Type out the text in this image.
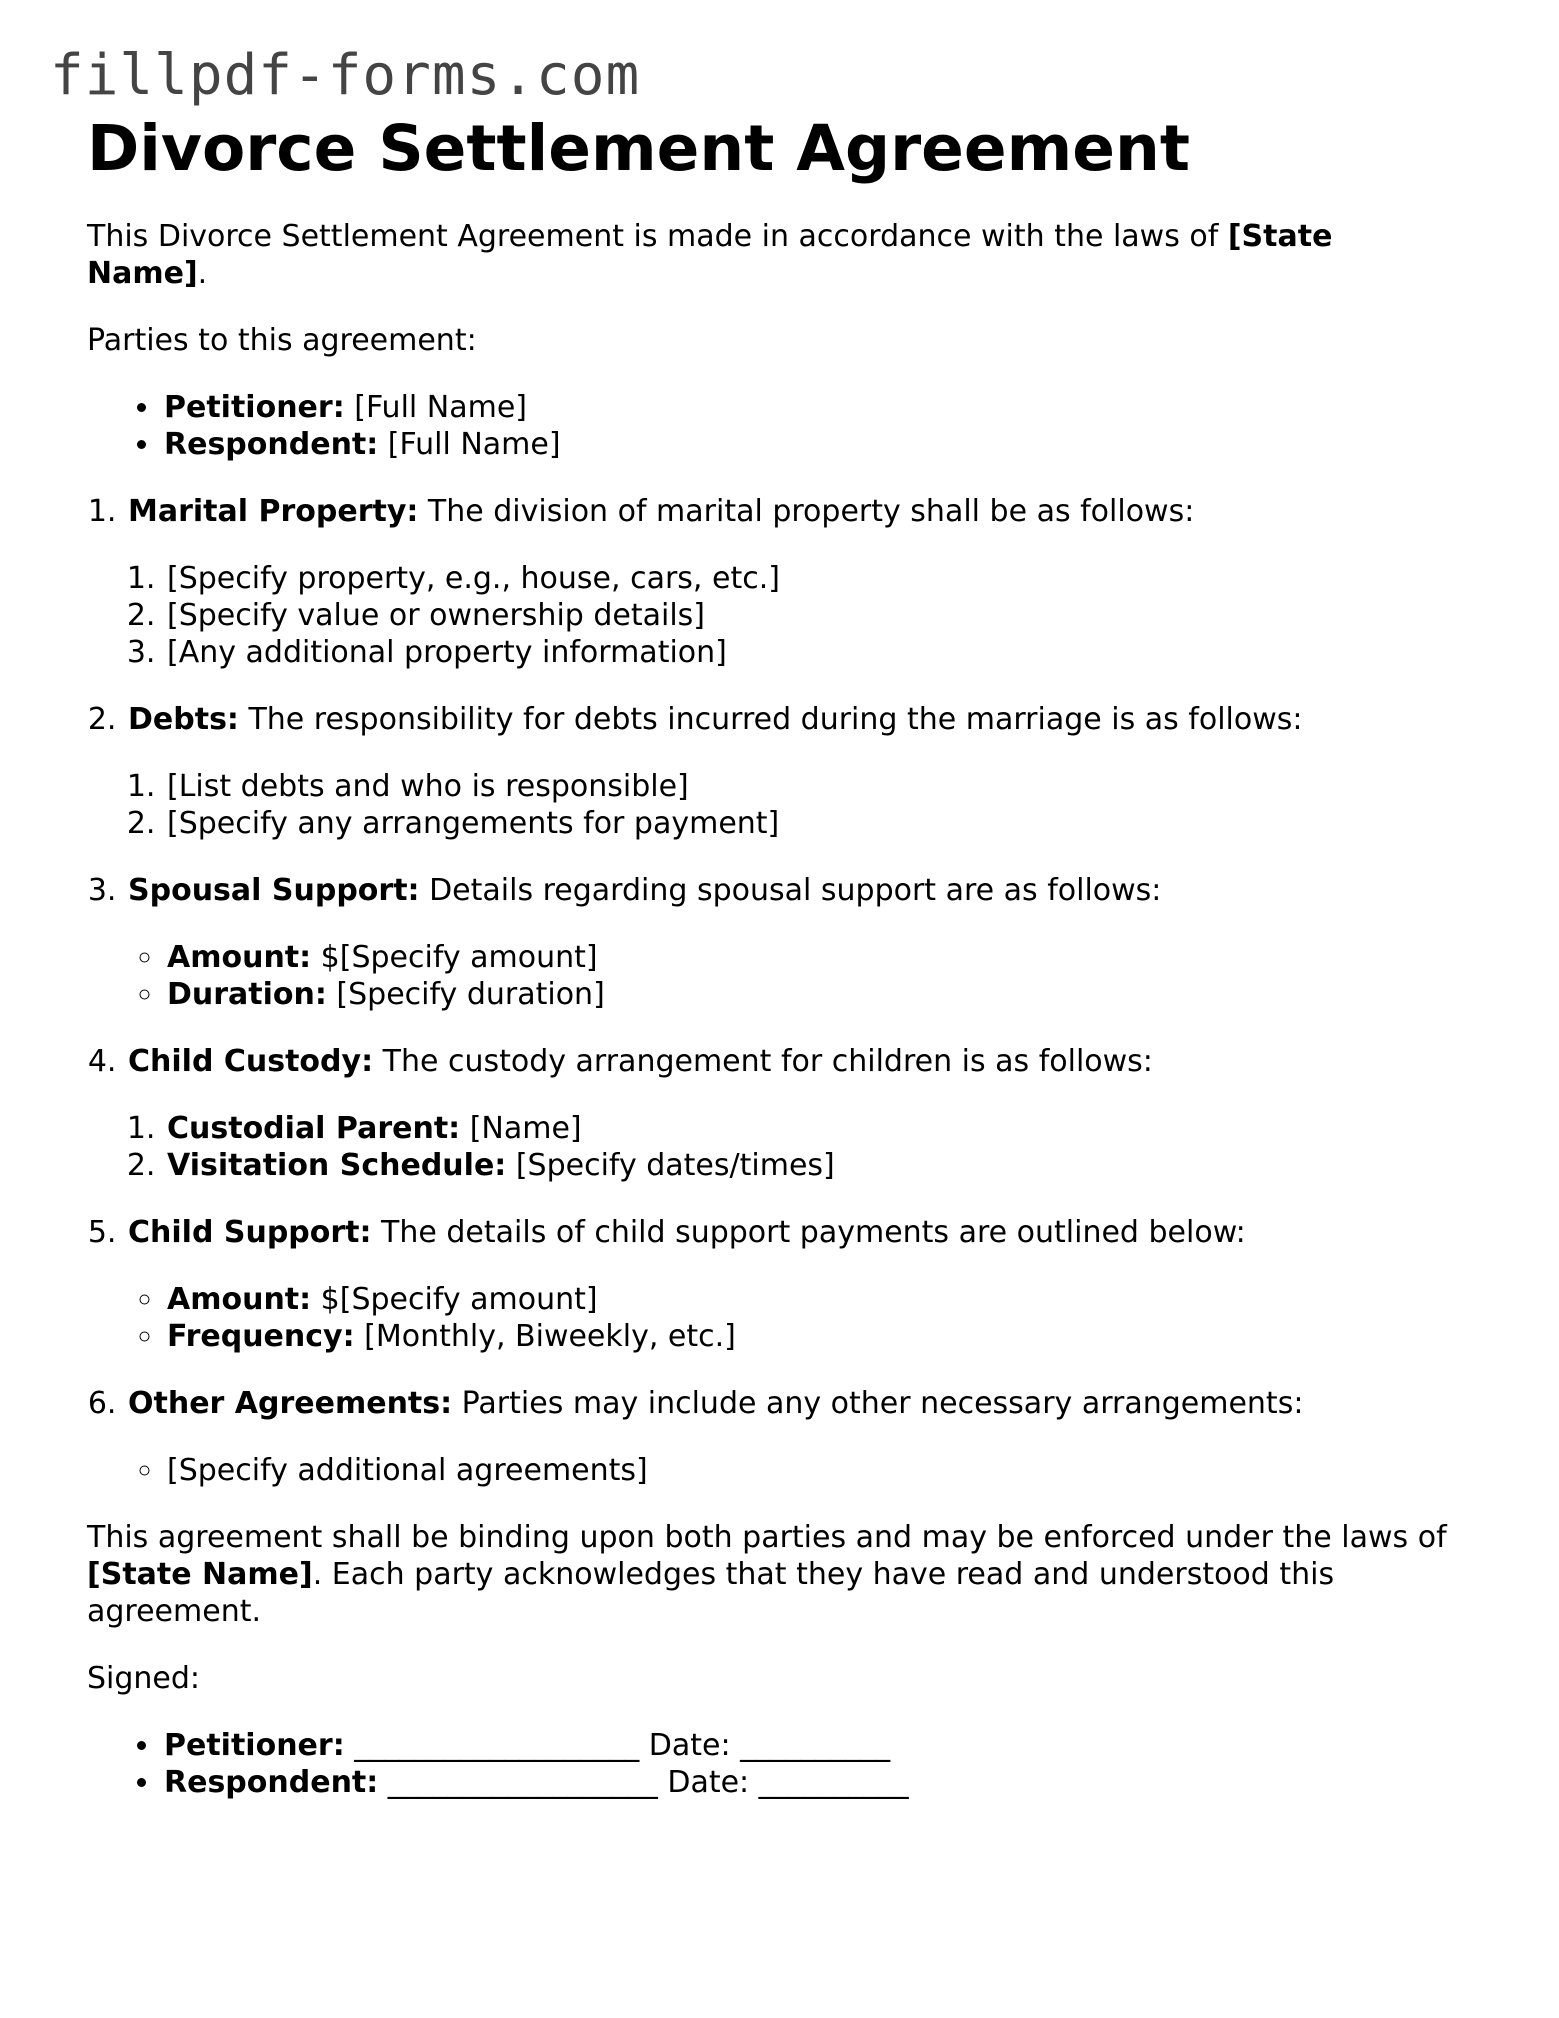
fillpdf-forms.com
Divorce Settlement Agreement

This Divorce Settlement Agreement is made in accordance with the laws of [State Name].

Parties to this agreement:

• Petitioner: [Full Name]
• Respondent: [Full Name]
1. Marital Property: The division of marital property shall be as follows:
1. [Specify property, e.g., house, cars, etc.]
2. [Specify value or ownership details]
3. [Any additional property information]
2. Debts: The responsibility for debts incurred during the marriage is as follows:
1. [List debts and who is responsible]
2. [Specify any arrangements for payment]
3. Spousal Support: Details regarding spousal support are as follows:
◦ Amount: $[Specify amount]
◦ Duration: [Specify duration]
4. Child Custody: The custody arrangement for children is as follows:
1. Custodial Parent: [Name]
2. Visitation Schedule: [Specify dates/times]
5. Child Support: The details of child support payments are outlined below:
◦ Amount: $[Specify amount]
◦ Frequency: [Monthly, Biweekly, etc.]
6. Other Agreements: Parties may include any other necessary arrangements:
◦ [Specify additional agreements]

This agreement shall be binding upon both parties and may be enforced under the laws of [State Name]. Each party acknowledges that they have read and understood this agreement.

Signed:

• Petitioner: ___________________ Date: __________
• Respondent: __________________ Date: __________
